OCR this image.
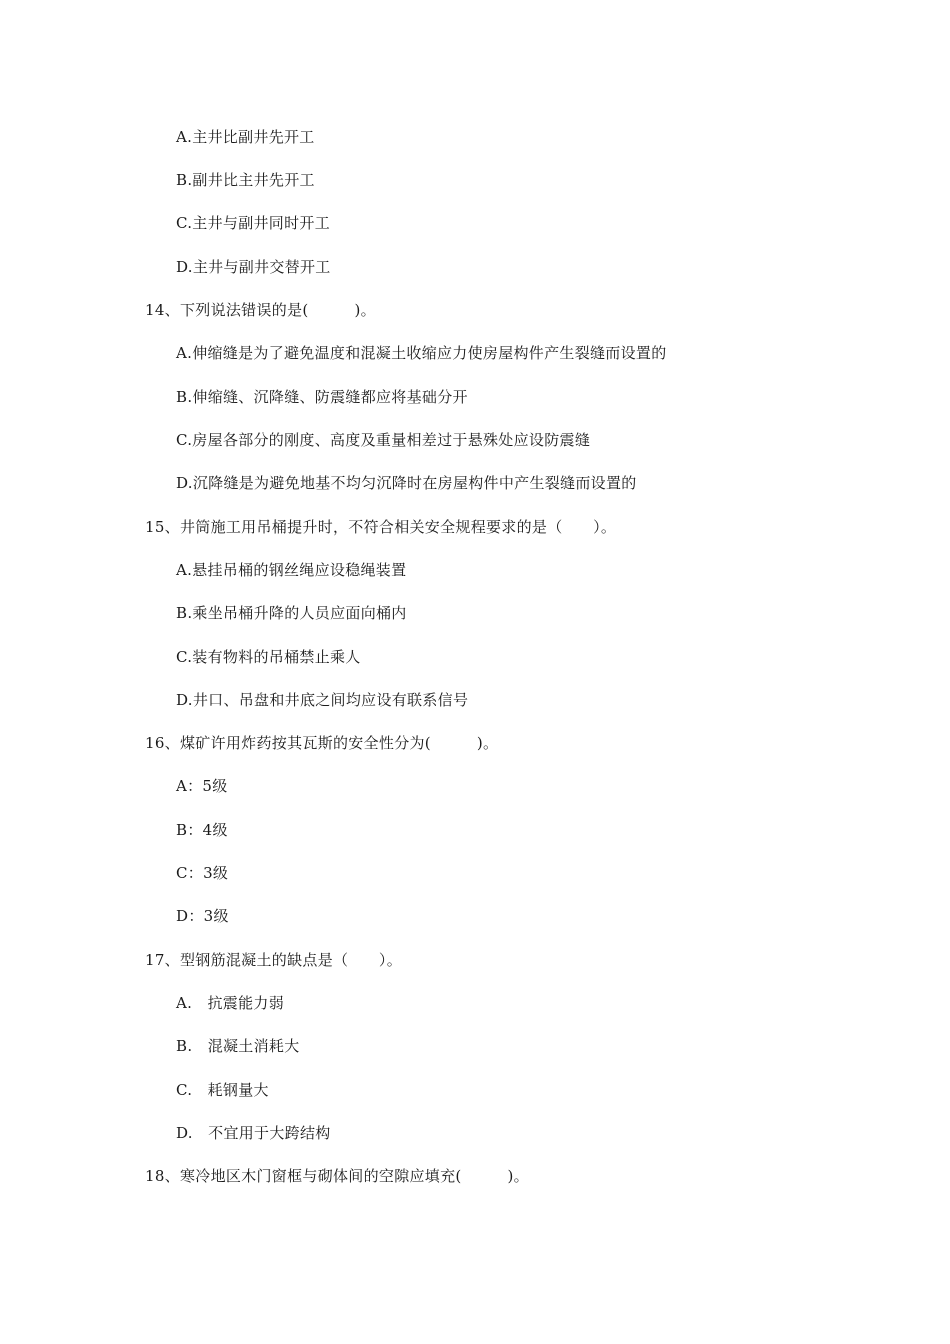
A.主井比副井先开工
B.副井比主井先开工
C.主井与副井同时开工
D.主井与副井交替开工
14、下列说法错误的是(　　　)。
A.伸缩缝是为了避免温度和混凝土收缩应力使房屋构件产生裂缝而设置的
B.伸缩缝、沉降缝、防震缝都应将基础分开
C.房屋各部分的刚度、高度及重量相差过于悬殊处应设防震缝
D.沉降缝是为避免地基不均匀沉降时在房屋构件中产生裂缝而设置的
15、井筒施工用吊桶提升时，不符合相关安全规程要求的是（　　）。
A.悬挂吊桶的钢丝绳应设稳绳装置
B.乘坐吊桶升降的人员应面向桶内
C.装有物料的吊桶禁止乘人
D.井口、吊盘和井底之间均应设有联系信号
16、煤矿许用炸药按其瓦斯的安全性分为(　　　)。
A：5级
B：4级
C：3级
D：3级
17、型钢筋混凝土的缺点是（　　）。
A.　抗震能力弱
B.　混凝土消耗大
C.　耗钢量大
D.　不宜用于大跨结构
18、寒冷地区木门窗框与砌体间的空隙应填充(　　　)。
